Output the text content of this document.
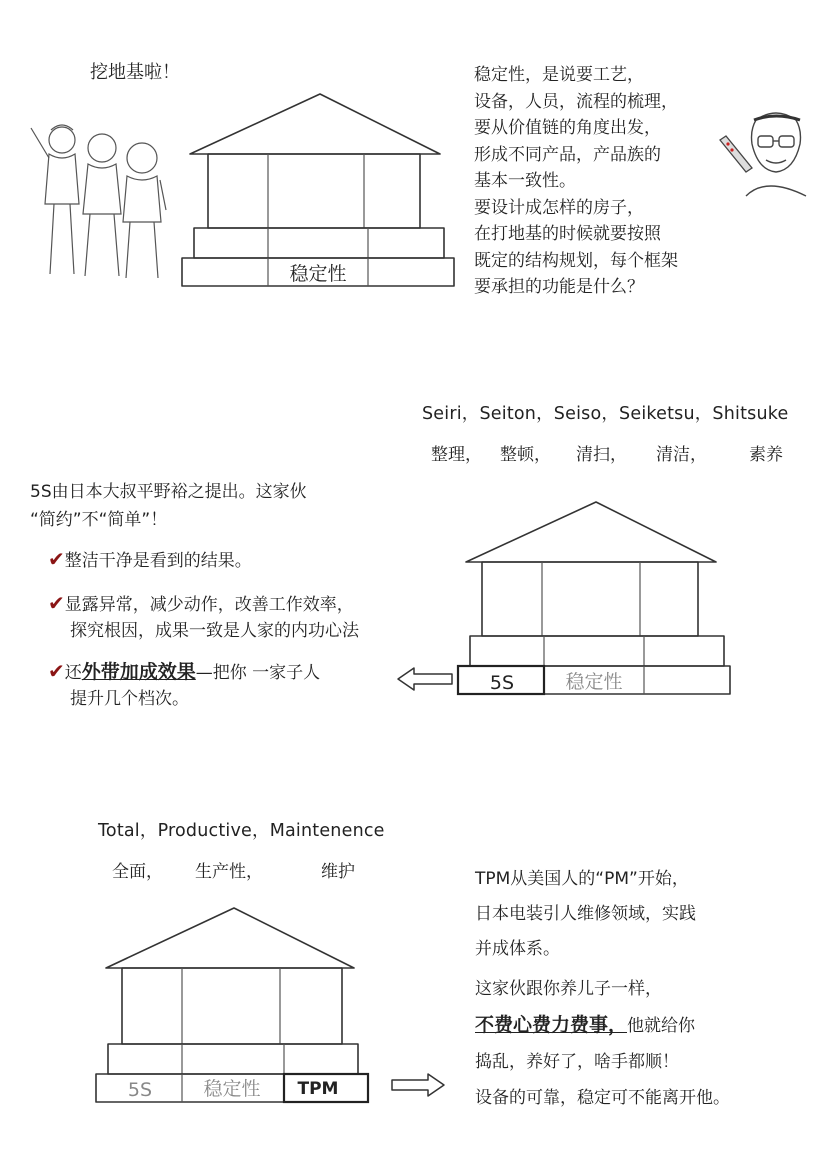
挖地基啦！
稳定性
稳定性，是说要工艺，
设备，人员，流程的梳理，
要从价值链的角度出发，
形成不同产品，产品族的
基本一致性。
要设计成怎样的房子，
在打地基的时候就要按照
既定的结构规划，每个框架
要承担的功能是什么？
Seiri，Seiton，Seiso，Seiketsu，Shitsuke
整理， 整顿， 清扫， 清洁， 素养
5S由日本大叔平野裕之提出。这家伙
“简约”不“简单”！
✔整洁干净是看到的结果。
✔显露异常，减少动作，改善工作效率，
探究根因，成果一致是人家的内功心法
✔还外带加成效果—把你 一家子人
提升几个档次。
5S	稳定性
Total，Productive，Maintenence
全面， 生产性，	维护	TPM从美国人的“PM”开始，
日本电装引人维修领域，实践
并成体系。
这家伙跟你养儿子一样，
不费心费力费事，他就给你
捣乱，养好了，啥手都顺！
设备的可靠，稳定可不能离开他。
5S	稳定性 TPM
